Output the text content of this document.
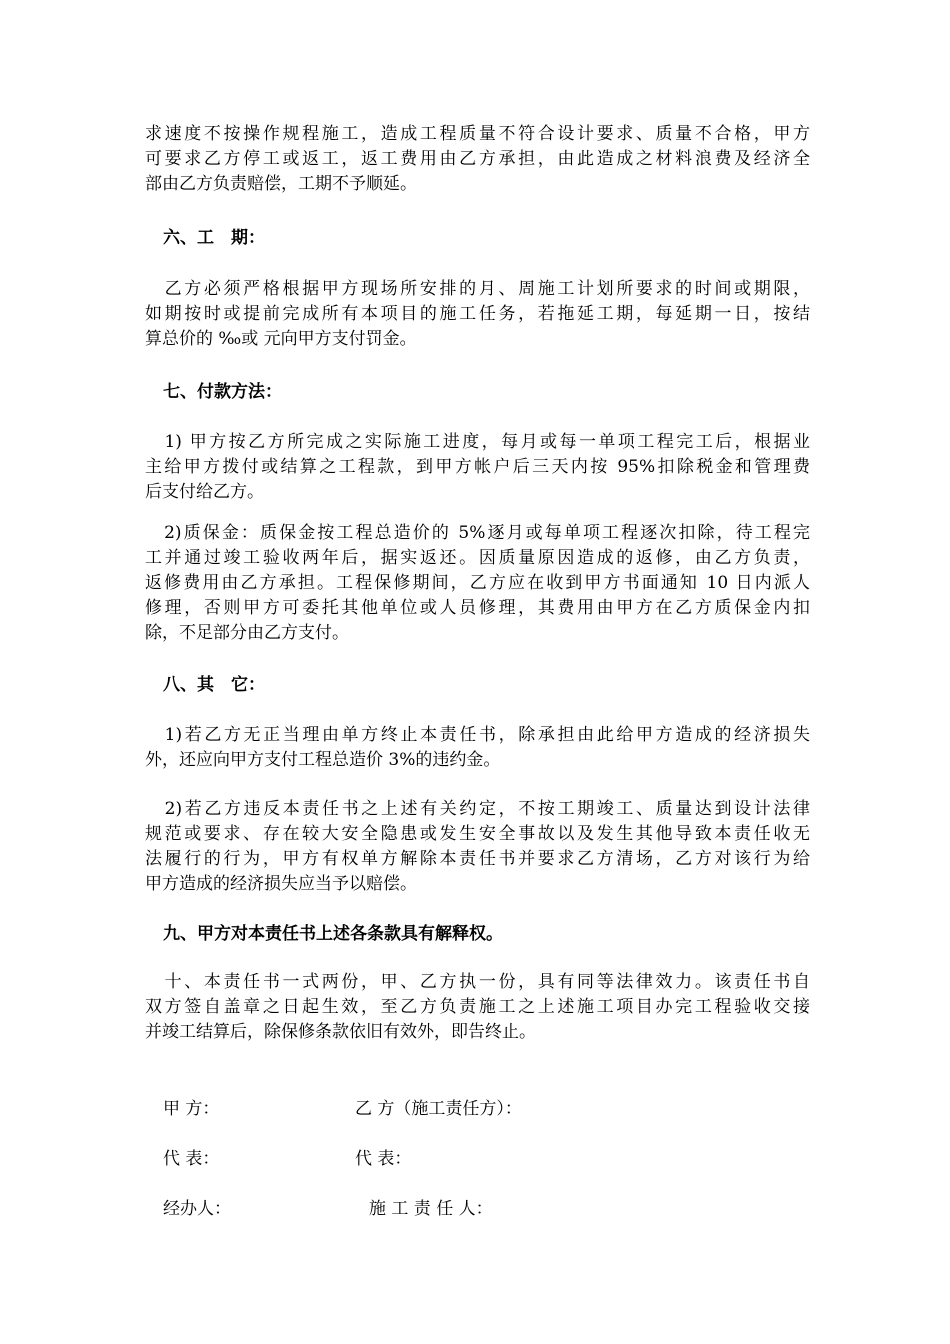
求速度不按操作规程施工，造成工程质量不符合设计要求、质量不合格，甲方
可要求乙方停工或返工，返工费用由乙方承担，由此造成之材料浪费及经济全
部由乙方负责赔偿，工期不予顺延。
六、工　期：
　乙方必须严格根据甲方现场所安排的月、周施工计划所要求的时间或期限，
如期按时或提前完成所有本项目的施工任务，若拖延工期，每延期一日，按结
算总价的 ‰或 元向甲方支付罚金。
七、付款方法：
　1) 甲方按乙方所完成之实际施工进度，每月或每一单项工程完工后，根据业
主给甲方拨付或结算之工程款，到甲方帐户后三天内按 95%扣除税金和管理费
后支付给乙方。
　2)质保金：质保金按工程总造价的 5%逐月或每单项工程逐次扣除，待工程完
工并通过竣工验收两年后，据实返还。因质量原因造成的返修，由乙方负责，
返修费用由乙方承担。工程保修期间，乙方应在收到甲方书面通知 10 日内派人
修理，否则甲方可委托其他单位或人员修理，其费用由甲方在乙方质保金内扣
除，不足部分由乙方支付。
八、其　它：
　1)若乙方无正当理由单方终止本责任书，除承担由此给甲方造成的经济损失
外，还应向甲方支付工程总造价 3%的违约金。
　2)若乙方违反本责任书之上述有关约定，不按工期竣工、质量达到设计法律
规范或要求、存在较大安全隐患或发生安全事故以及发生其他导致本责任收无
法履行的行为，甲方有权单方解除本责任书并要求乙方清场，乙方对该行为给
甲方造成的经济损失应当予以赔偿。
九、甲方对本责任书上述各条款具有解释权。
　十、本责任书一式两份，甲、乙方执一份，具有同等法律效力。该责任书自
双方签自盖章之日起生效，至乙方负责施工之上述施工项目办完工程验收交接
并竣工结算后，除保修条款依旧有效外，即告终止。
甲 方：	乙 方（施工责任方）：
代 表：	代 表：
经办人：	施 工 责 任 人：
